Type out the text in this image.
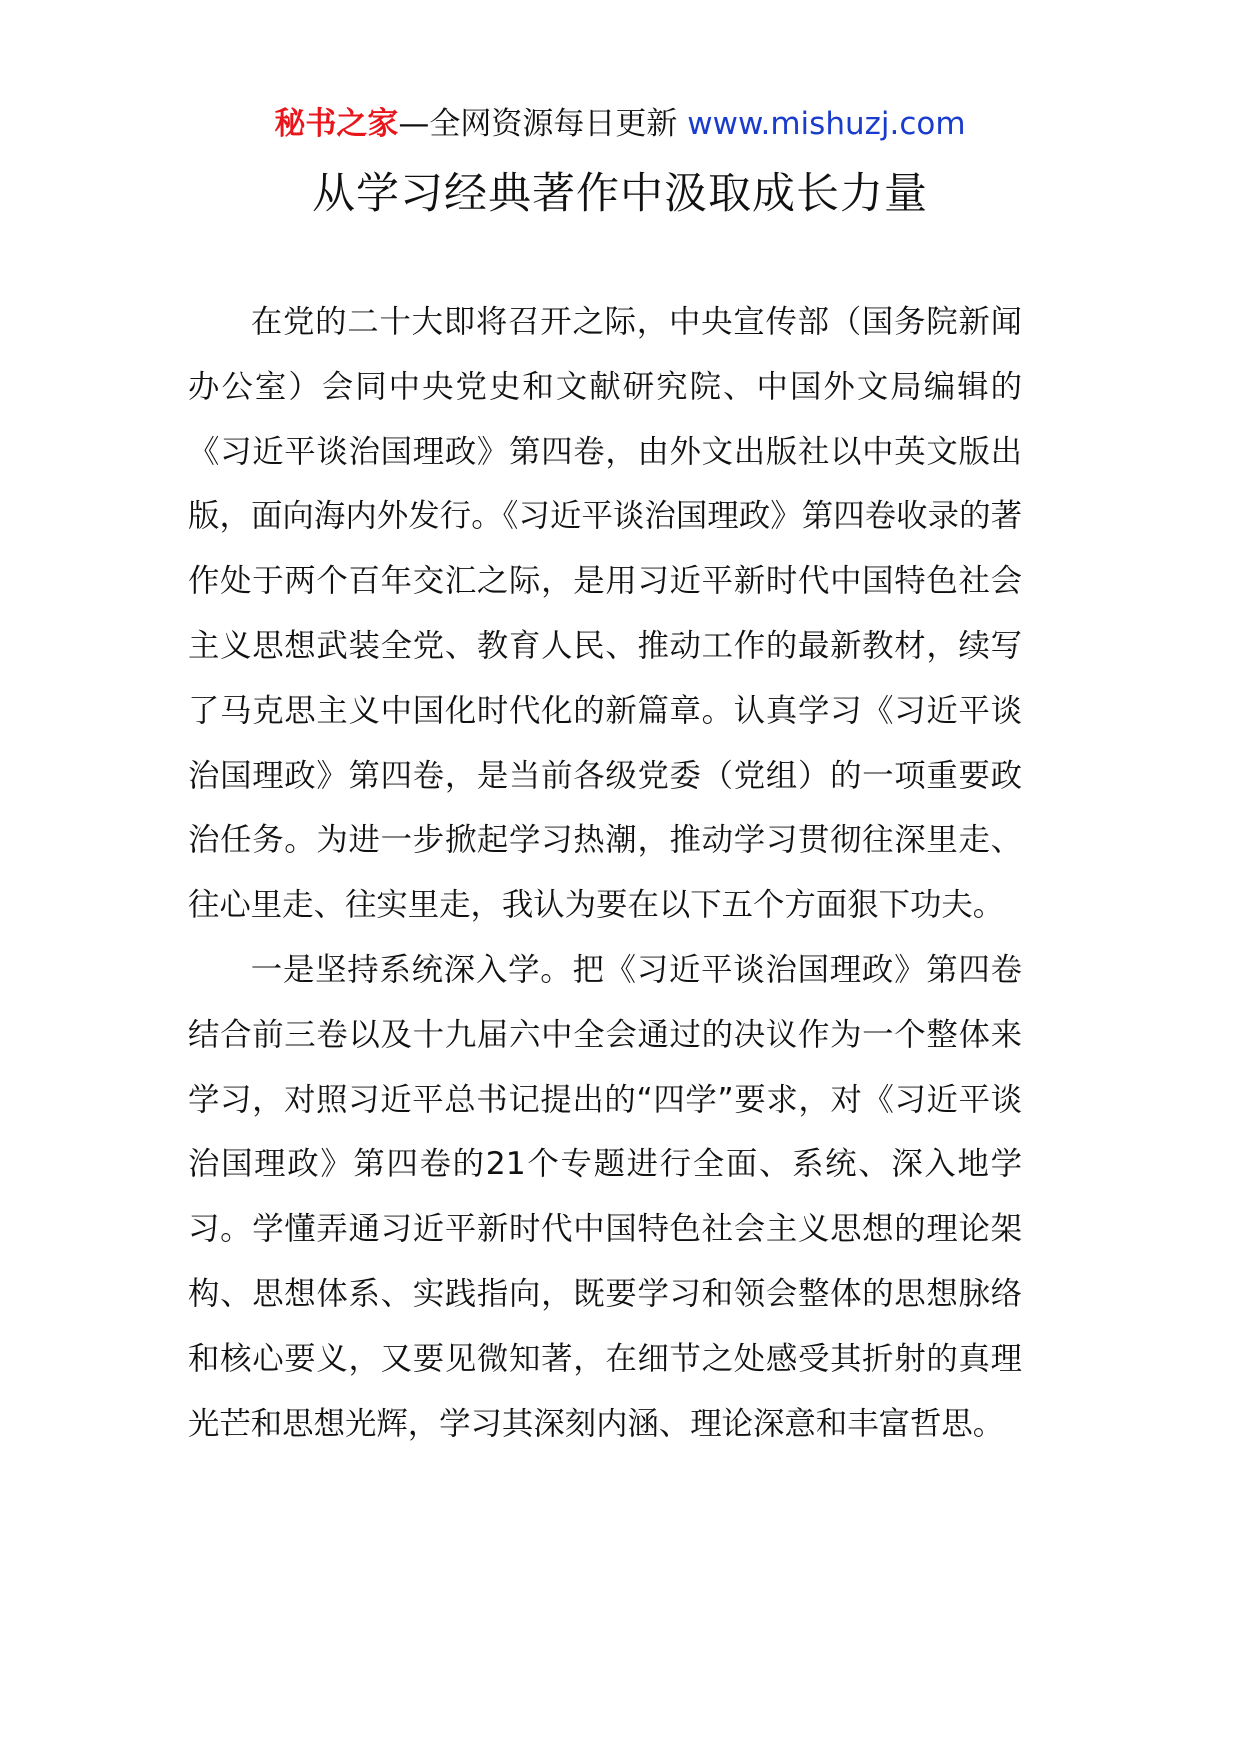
秘书之家—全网资源每日更新 www.mishuzj.com
从学习经典著作中汲取成长力量

在党的二十大即将召开之际，中央宣传部（国务院新闻办公室）会同中央党史和文献研究院、中国外文局编辑的《习近平谈治国理政》第四卷，由外文出版社以中英文版出版，面向海内外发行。《习近平谈治国理政》第四卷收录的著作处于两个百年交汇之际，是用习近平新时代中国特色社会主义思想武装全党、教育人民、推动工作的最新教材，续写了马克思主义中国化时代化的新篇章。认真学习《习近平谈治国理政》第四卷，是当前各级党委（党组）的一项重要政治任务。为进一步掀起学习热潮，推动学习贯彻往深里走、往心里走、往实里走，我认为要在以下五个方面狠下功夫。

一是坚持系统深入学。把《习近平谈治国理政》第四卷结合前三卷以及十九届六中全会通过的决议作为一个整体来学习，对照习近平总书记提出的“四学”要求，对《习近平谈治国理政》第四卷的21个专题进行全面、系统、深入地学习。学懂弄通习近平新时代中国特色社会主义思想的理论架构、思想体系、实践指向，既要学习和领会整体的思想脉络和核心要义，又要见微知著，在细节之处感受其折射的真理光芒和思想光辉，学习其深刻内涵、理论深意和丰富哲思。
